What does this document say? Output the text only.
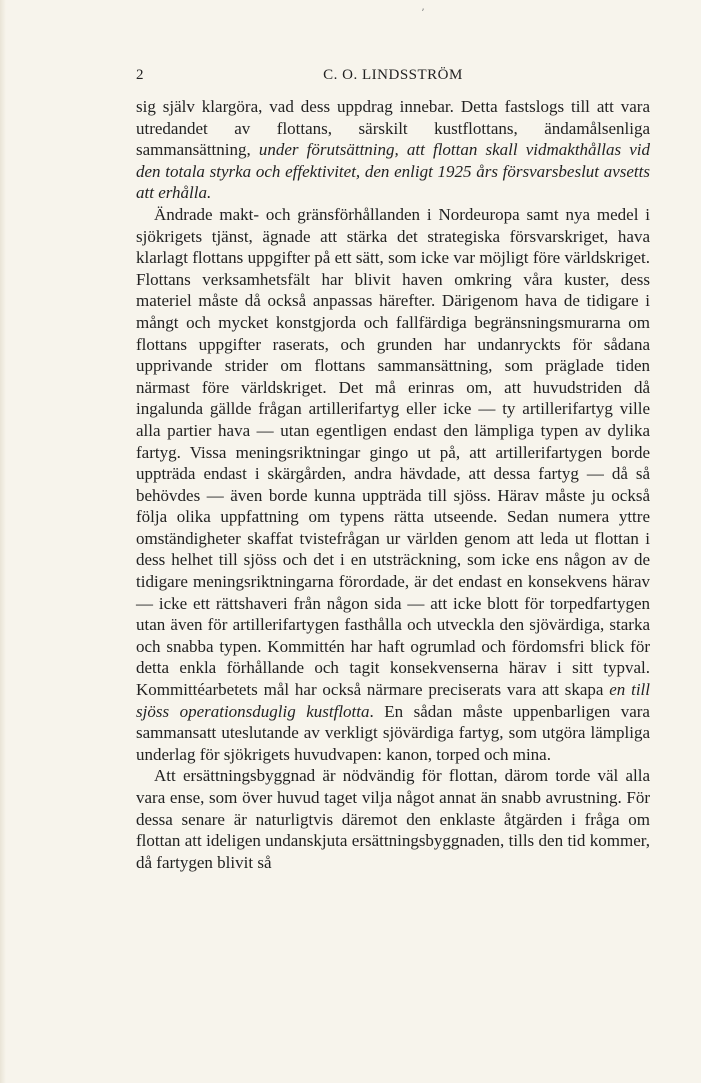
ʼ
2	C. O. LINDSSTRÖM

sig själv klargöra, vad dess uppdrag innebar. Detta fastslogs till att vara utredandet av flottans, särskilt kustflottans, ändamålsenliga sammansättning, under förutsättning, att flottan skall vidmakthållas vid den totala styrka och effektivitet, den enligt 1925 års försvarsbeslut avsetts att erhålla.

Ändrade makt- och gränsförhållanden i Nordeuropa samt nya medel i sjökrigets tjänst, ägnade att stärka det strategiska försvarskriget, hava klarlagt flottans uppgifter på ett sätt, som icke var möjligt före världskriget. Flottans verksamhetsfält har blivit haven omkring våra kuster, dess materiel måste då också anpassas härefter. Därigenom hava de tidigare i mångt och mycket konstgjorda och fallfärdiga begränsningsmurarna om flottans uppgifter raserats, och grunden har undanryckts för sådana upprivande strider om flottans sammansättning, som präglade tiden närmast före världskriget. Det må erinras om, att huvudstriden då ingalunda gällde frågan artillerifartyg eller icke — ty artillerifartyg ville alla partier hava — utan egentligen endast den lämpliga typen av dylika fartyg. Vissa meningsriktningar gingo ut på, att artillerifartygen borde uppträda endast i skärgården, andra hävdade, att dessa fartyg — då så behövdes — även borde kunna uppträda till sjöss. Härav måste ju också följa olika uppfattning om typens rätta utseende. Sedan numera yttre omständigheter skaffat tvistefrågan ur världen genom att leda ut flottan i dess helhet till sjöss och det i en utsträckning, som icke ens någon av de tidigare meningsriktningarna förordade, är det endast en konsekvens härav — icke ett rättshaveri från någon sida — att icke blott för torpedfartygen utan även för artillerifartygen fasthålla och utveckla den sjövärdiga, starka och snabba typen. Kommittén har haft ogrumlad och fördomsfri blick för detta enkla förhållande och tagit konsekvenserna härav i sitt typval. Kommittéarbetets mål har också närmare preciserats vara att skapa en till sjöss operationsduglig kustflotta. En sådan måste uppenbarligen vara sammansatt uteslutande av verkligt sjövärdiga fartyg, som utgöra lämpliga underlag för sjökrigets huvudvapen: kanon, torped och mina.

Att ersättningsbyggnad är nödvändig för flottan, därom torde väl alla vara ense, som över huvud taget vilja något annat än snabb avrustning. För dessa senare är naturligtvis däremot den enklaste åtgärden i fråga om flottan att ideligen undanskjuta ersättningsbyggnaden, tills den tid kommer, då fartygen blivit så
